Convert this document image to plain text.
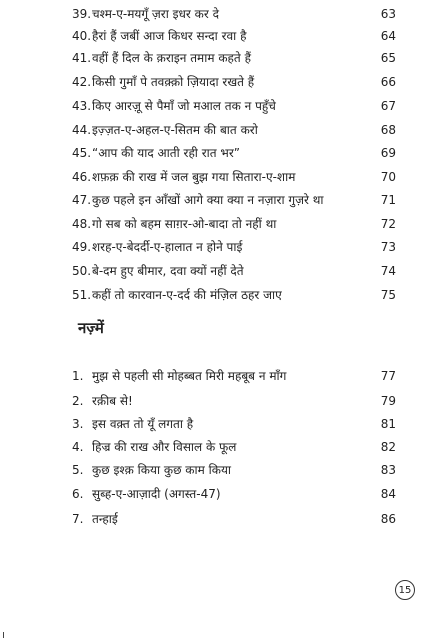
39. चश्म-ए-मयगूँ ज़रा इधर कर दे	63
40. हैरां हैं जबीं आज किधर सन्दा रवा है	64
41. वहीं हैं दिल के क़राइन तमाम कहते हैं	65
42. किसी गुमाँ पे तवक़्क़ो ज़ियादा रखते हैं	66
43. किए आरज़ू से पैमाँ जो मआल तक न पहुँचे	67
44. इज़्ज़त-ए-अहल-ए-सितम की बात करो	68
45. “आप की याद आती रही रात भर”	69
46. शफ़क़ की राख में जल बुझ गया सितारा-ए-शाम	70
47. कुछ पहले इन आँखों आगे क्या क्या न नज़ारा गुज़रे था	71
48. गो सब को बहम साग़र-ओ-बादा तो नहीं था	72
49. शरह-ए-बेदर्दी-ए-हालात न होने पाई	73
50. बे-दम हुए बीमार, दवा क्यों नहीं देते	74
51. कहीं तो कारवान-ए-दर्द की मंज़िल ठहर जाए	75
नज़्में
1. मुझ से पहली सी मोहब्बत मिरी महबूब न माँग	77
2. रक़ीब से!	79
3. इस वक़्त तो यूँ लगता है	81
4. हिज्र की राख और विसाल के फूल	82
5. कुछ इश्क़ किया कुछ काम किया	83
6. सुब्ह-ए-आज़ादी (अगस्त-47)	84
7. तन्हाई	86
15
